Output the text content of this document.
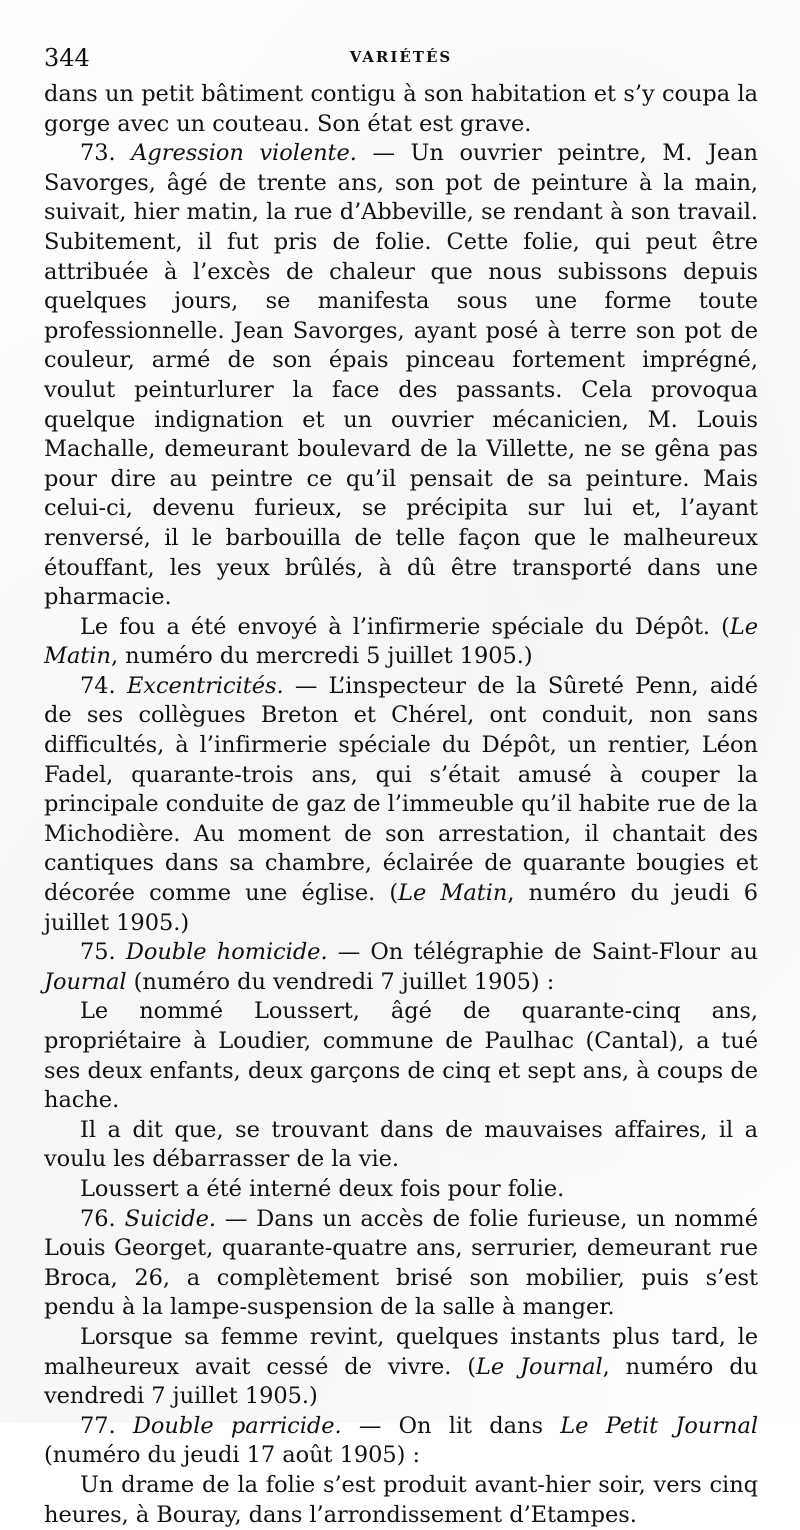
344	VARIÉTÉS

dans un petit bâtiment contigu à son habitation et s’y coupa la gorge avec un couteau. Son état est grave.

73. Agression violente. — Un ouvrier peintre, M. Jean Savorges, âgé de trente ans, son pot de peinture à la main, suivait, hier matin, la rue d’Abbeville, se rendant à son travail. Subitement, il fut pris de folie. Cette folie, qui peut être attribuée à l’excès de chaleur que nous subissons depuis quelques jours, se manifesta sous une forme toute professionnelle. Jean Savorges, ayant posé à terre son pot de couleur, armé de son épais pinceau fortement imprégné, voulut peinturlurer la face des passants. Cela provoqua quelque indignation et un ouvrier mécanicien, M. Louis Machalle, demeurant boulevard de la Villette, ne se gêna pas pour dire au peintre ce qu’il pensait de sa peinture. Mais celui-ci, devenu furieux, se précipita sur lui et, l’ayant renversé, il le barbouilla de telle façon que le malheureux étouffant, les yeux brûlés, à dû être transporté dans une pharmacie.

Le fou a été envoyé à l’infirmerie spéciale du Dépôt. (Le Matin, numéro du mercredi 5 juillet 1905.)

74. Excentricités. — L’inspecteur de la Sûreté Penn, aidé de ses collègues Breton et Chérel, ont conduit, non sans difficultés, à l’infirmerie spéciale du Dépôt, un rentier, Léon Fadel, quarante-trois ans, qui s’était amusé à couper la principale conduite de gaz de l’immeuble qu’il habite rue de la Michodière. Au moment de son arrestation, il chantait des cantiques dans sa chambre, éclairée de quarante bougies et décorée comme une église. (Le Matin, numéro du jeudi 6 juillet 1905.)

75. Double homicide. — On télégraphie de Saint-Flour au Journal (numéro du vendredi 7 juillet 1905) :

Le nommé Loussert, âgé de quarante-cinq ans, propriétaire à Loudier, commune de Paulhac (Cantal), a tué ses deux enfants, deux garçons de cinq et sept ans, à coups de hache.

Il a dit que, se trouvant dans de mauvaises affaires, il a voulu les débarrasser de la vie.

Loussert a été interné deux fois pour folie.

76. Suicide. — Dans un accès de folie furieuse, un nommé Louis Georget, quarante-quatre ans, serrurier, demeurant rue Broca, 26, a complètement brisé son mobilier, puis s’est pendu à la lampe-suspension de la salle à manger.

Lorsque sa femme revint, quelques instants plus tard, le malheureux avait cessé de vivre. (Le Journal, numéro du vendredi 7 juillet 1905.)

77. Double parricide. — On lit dans Le Petit Journal (numéro du jeudi 17 août 1905) :

Un drame de la folie s’est produit avant-hier soir, vers cinq heures, à Bouray, dans l’arrondissement d’Etampes.
